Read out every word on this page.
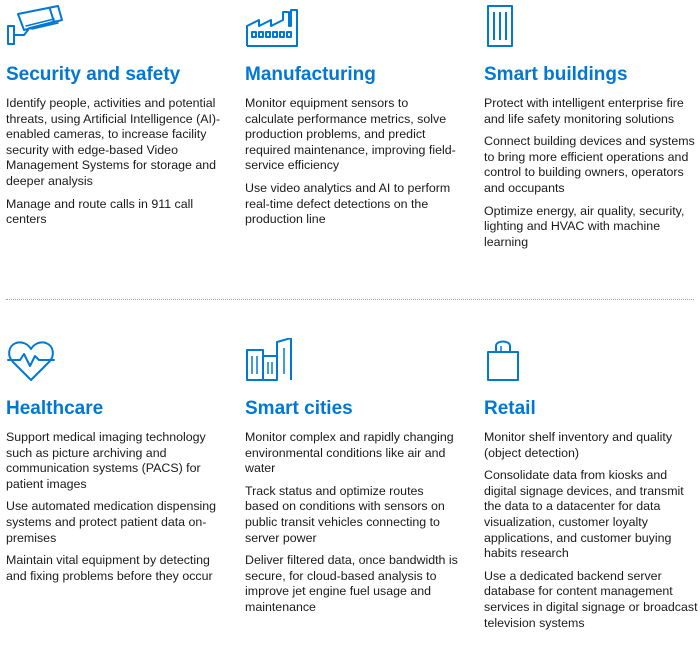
Security and safety

Identify people, activities and potential threats, using Artificial Intelligence (AI)-enabled cameras, to increase facility security with edge-based Video Management Systems for storage and deeper analysis

Manage and route calls in 911 call centers

Manufacturing

Monitor equipment sensors to calculate performance metrics, solve production problems, and predict required maintenance, improving field-service efficiency

Use video analytics and AI to perform real-time defect detections on the production line

Smart buildings

Protect with intelligent enterprise fire and life safety monitoring solutions

Connect building devices and systems to bring more efficient operations and control to building owners, operators and occupants

Optimize energy, air quality, security, lighting and HVAC with machine learning

Healthcare

Support medical imaging technology such as picture archiving and communication systems (PACS) for patient images

Use automated medication dispensing systems and protect patient data on-premises

Maintain vital equipment by detecting and fixing problems before they occur

Smart cities

Monitor complex and rapidly changing environmental conditions like air and water

Track status and optimize routes based on conditions with sensors on public transit vehicles connecting to server power

Deliver filtered data, once bandwidth is secure, for cloud-based analysis to improve jet engine fuel usage and maintenance

Retail

Monitor shelf inventory and quality (object detection)

Consolidate data from kiosks and digital signage devices, and transmit the data to a datacenter for data visualization, customer loyalty applications, and customer buying habits research

Use a dedicated backend server database for content management services in digital signage or broadcast television systems
